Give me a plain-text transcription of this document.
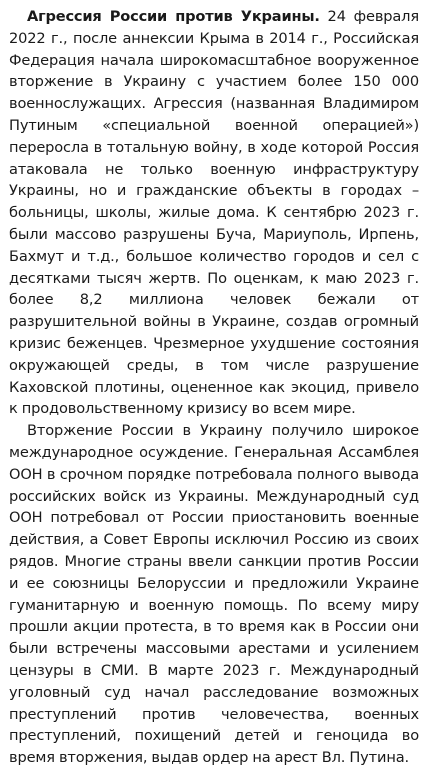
Агрессия России против Украины. 24 февраля 2022 г., после аннексии Крыма в 2014 г., Российская Федерация начала широкомасштабное вооруженное вторжение в Украину с участием более 150 000 военнослужащих. Агрессия (названная Владимиром Путиным «специальной военной операцией») переросла в тотальную войну, в ходе которой Россия атаковала не только военную инфраструктуру Украины, но и гражданские объекты в городах – больницы, школы, жилые дома. К сентябрю 2023 г. были массово разрушены Буча, Мариуполь, Ирпень, Бахмут и т.д., большое количество городов и сел с десятками тысяч жертв. По оценкам, к маю 2023 г. более 8,2 миллиона человек бежали от разрушительной войны в Украине, создав огромный кризис беженцев. Чрезмерное ухудшение состояния окружающей среды, в том числе разрушение Каховской плотины, оцененное как экоцид, привело к продовольственному кризису во всем мире.

Вторжение России в Украину получило широкое международное осуждение. Генеральная Ассамблея ООН в срочном порядке потребовала полного вывода российских войск из Украины. Международный суд ООН потребовал от России приостановить военные действия, а Совет Европы исключил Россию из своих рядов. Многие страны ввели санкции против России и ее союзницы Белоруссии и предложили Украине гуманитарную и военную помощь. По всему миру прошли акции протеста, в то время как в России они были встречены массовыми арестами и усилением цензуры в СМИ. В марте 2023 г. Международный уголовный суд начал расследование возможных преступлений против человечества, военных преступлений, похищений детей и геноцида во время вторжения, выдав ордер на арест Вл. Путина.
